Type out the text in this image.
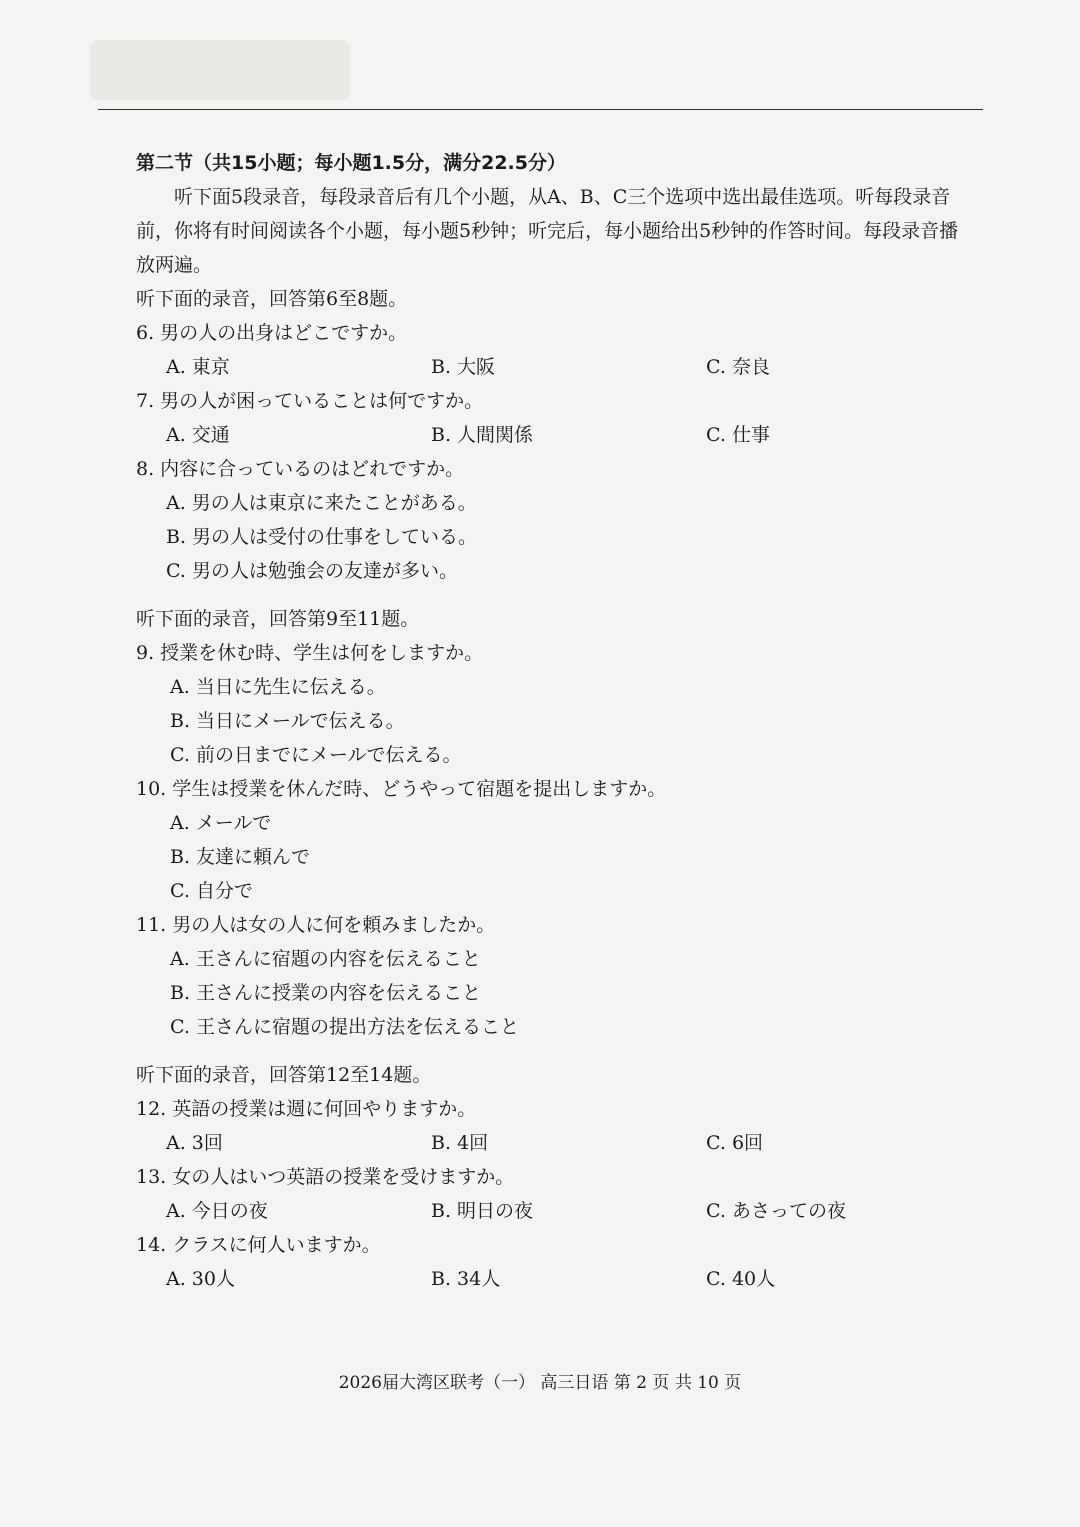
第二节（共15小题；每小题1.5分，满分22.5分）

听下面5段录音，每段录音后有几个小题，从A、B、C三个选项中选出最佳选项。听每段录音前，你将有时间阅读各个小题，每小题5秒钟；听完后，每小题给出5秒钟的作答时间。每段录音播放两遍。

听下面的录音，回答第6至8题。
6. 男の人の出身はどこですか。
A. 東京	B. 大阪	C. 奈良
7. 男の人が困っていることは何ですか。
A. 交通	B. 人間関係	C. 仕事
8. 内容に合っているのはどれですか。
A. 男の人は東京に来たことがある。
B. 男の人は受付の仕事をしている。
C. 男の人は勉強会の友達が多い。
听下面的录音，回答第9至11题。
9. 授業を休む時、学生は何をしますか。
A. 当日に先生に伝える。
B. 当日にメールで伝える。
C. 前の日までにメールで伝える。
10. 学生は授業を休んだ時、どうやって宿題を提出しますか。
A. メールで
B. 友達に頼んで
C. 自分で
11. 男の人は女の人に何を頼みましたか。
A. 王さんに宿題の内容を伝えること
B. 王さんに授業の内容を伝えること
C. 王さんに宿題の提出方法を伝えること
听下面的录音，回答第12至14题。
12. 英語の授業は週に何回やりますか。
A. 3回	B. 4回	C. 6回
13. 女の人はいつ英語の授業を受けますか。
A. 今日の夜	B. 明日の夜	C. あさっての夜
14. クラスに何人いますか。
A. 30人	B. 34人	C. 40人
2026届大湾区联考（一） 高三日语 第 2 页 共 10 页
